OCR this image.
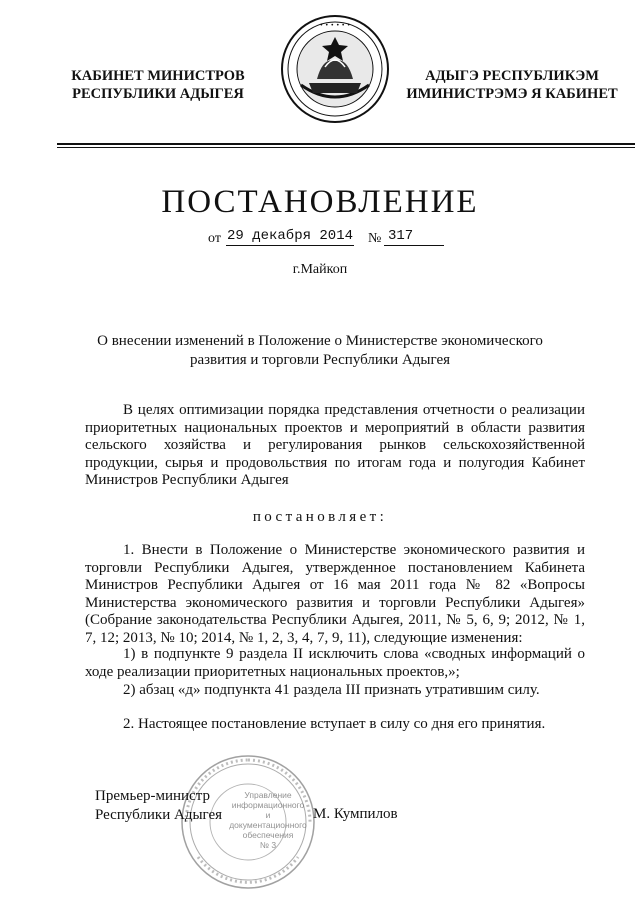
КАБИНЕТ МИНИСТРОВ
РЕСПУБЛИКИ АДЫГЕЯ
• • • • • •
АДЫГЭ РЕСПУБЛИКЭМ
ИМИНИСТРЭМЭ Я КАБИНЕТ
ПОСТАНОВЛЕНИЕ
от 29 декабря 2014 № 317
г.Майкоп
О внесении изменений в Положение о Министерстве экономического
развития и торговли Республики Адыгея
В целях оптимизации порядка представления отчетности о реализации приоритетных национальных проектов и мероприятий в области развития сельского хозяйства и регулирования рынков сельскохозяйственной продукции, сырья и продовольствия по итогам года и полугодия Кабинет Министров Республики Адыгея
постановляет:
1. Внести в Положение о Министерстве экономического развития и торговли Республики Адыгея, утвержденное постановлением Кабинета Министров Республики Адыгея от 16 мая 2011 года № 82 «Вопросы Министерства экономического развития и торговли Республики Адыгея» (Собрание законодательства Республики Адыгея, 2011, № 5, 6, 9; 2012, № 1, 7, 12; 2013, № 10; 2014, № 1, 2, 3, 4, 7, 9, 11), следующие изменения:
1) в подпункте 9 раздела II исключить слова «сводных информаций о ходе реализации приоритетных национальных проектов,»;
2) абзац «д» подпункта 41 раздела III признать утратившим силу.
2. Настоящее постановление вступает в силу со дня его принятия.
Управление
информационного
и документационного
обеспечения
№ 3
Премьер-министр
Республики Адыгея	М. Кумпилов
